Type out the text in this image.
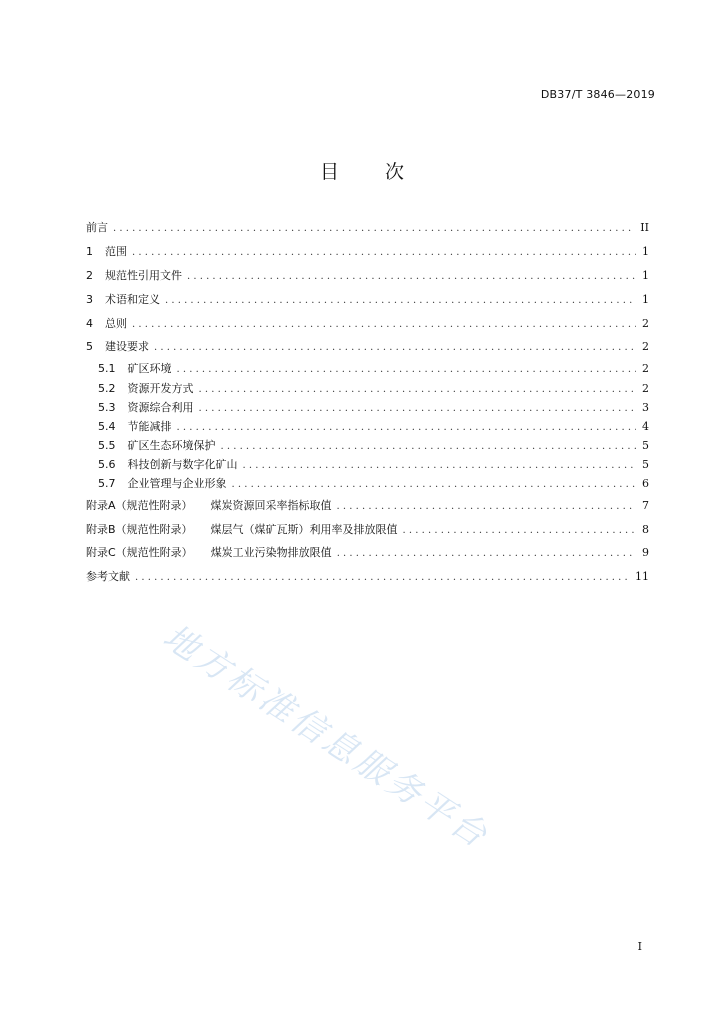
DB37/T 3846—2019
目 次
前言 . . .	II
1 范围 . . .	1
2 规范性引用文件 . . .	1
3 术语和定义 . . .	1
4 总则 . . .	2
5 建设要求 . . .	2
5.1 矿区环境 . . .	2
5.2 资源开发方式 . . .	2
5.3 资源综合利用 . . .	3
5.4 节能减排 . . .	4
5.5 矿区生态环境保护 . . .	5
5.6 科技创新与数字化矿山 . . .	5
5.7 企业管理与企业形象 . . .	6
附录A（规范性附录） 煤炭资源回采率指标取值 . . .	7
附录B（规范性附录） 煤层气（煤矿瓦斯）利用率及排放限值 . . .	8
附录C（规范性附录） 煤炭工业污染物排放限值 . . .	9
参考文献 . . .	11
地方标准信息服务平台
I
